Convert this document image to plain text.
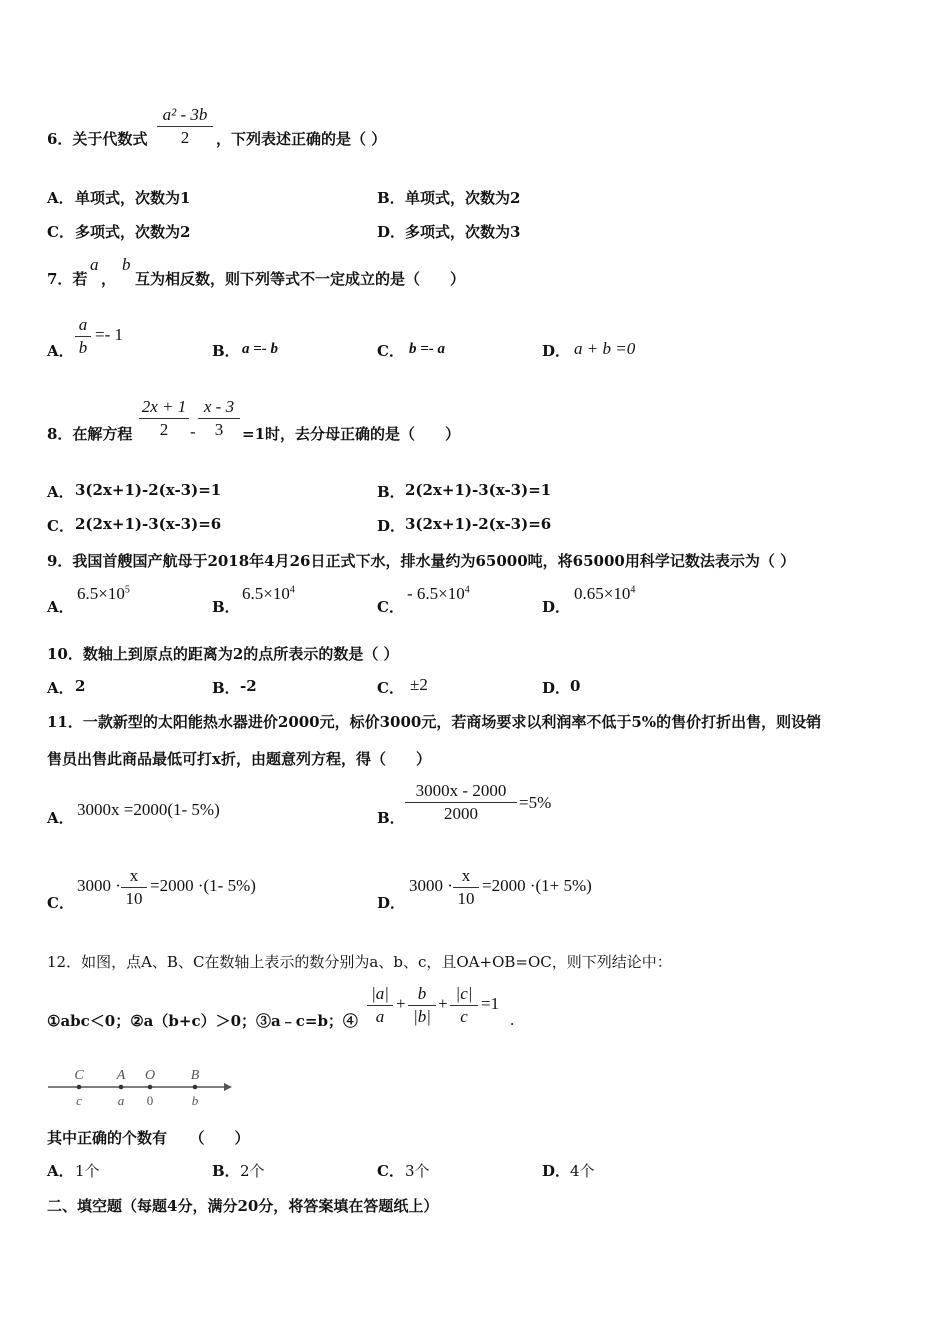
6．关于代数式
a² - 3b
2	，下列表述正确的是（ ）
A． 单项式，次数为1	B． 单项式，次数为2
C． 多项式，次数为2	D． 多项式，次数为3
7．若
a
，
b
互为相反数，则下列等式不一定成立的是（　　）
A．
a
b
=- 1
B． a =- b	C． b =- a	D． a + b =0
8．在解方程
2x + 1
2	-
x - 3
3	=1时，去分母正确的是（　　）
A． 3(2x+1)-2(x-3)=1	B． 2(2x+1)-3(x-3)=1
C． 2(2x+1)-3(x-3)=6	D． 3(2x+1)-2(x-3)=6
9．我国首艘国产航母于2018年4月26日正式下水，排水量约为65000吨，将65000用科学记数法表示为（ ）
A．
$6.5\times 10^5$
B．
$6.5\times 10^4$
C．
- $6.5\times 10^4$
D．
$0.65\times 10^4$
10．数轴上到原点的距离为2的点所表示的数是（ ）
A． 2	B． -2	C． ±2	D． 0
11．一款新型的太阳能热水器进价2000元，标价3000元，若商场要求以利润率不低于5%的售价打折出售，则设销
售员出售此商品最低可打x折，由题意列方程，得（　　）
A． 3000x =2000(1- 5%)	B．
3000x - 2000
2000
=5%
C．
3000 ·
x
10
=2000 ·(1- 5%)
D．
3000 ·
x
10
=2000 ·(1+ 5%)
12．如图，点A、B、C在数轴上表示的数分别为a、b、c，且OA+OB=OC，则下列结论中：
①abc＜0；②a（b+c）＞0；③a﹣c=b；④
|a|
a
+
b
|b|
+
|c|
c
=1
.
C A O	B
c	a 0	b
其中正确的个数有　　（　　）
A． 1个	B． 2个	C． 3个	D． 4个
二、填空题（每题4分，满分20分，将答案填在答题纸上）
